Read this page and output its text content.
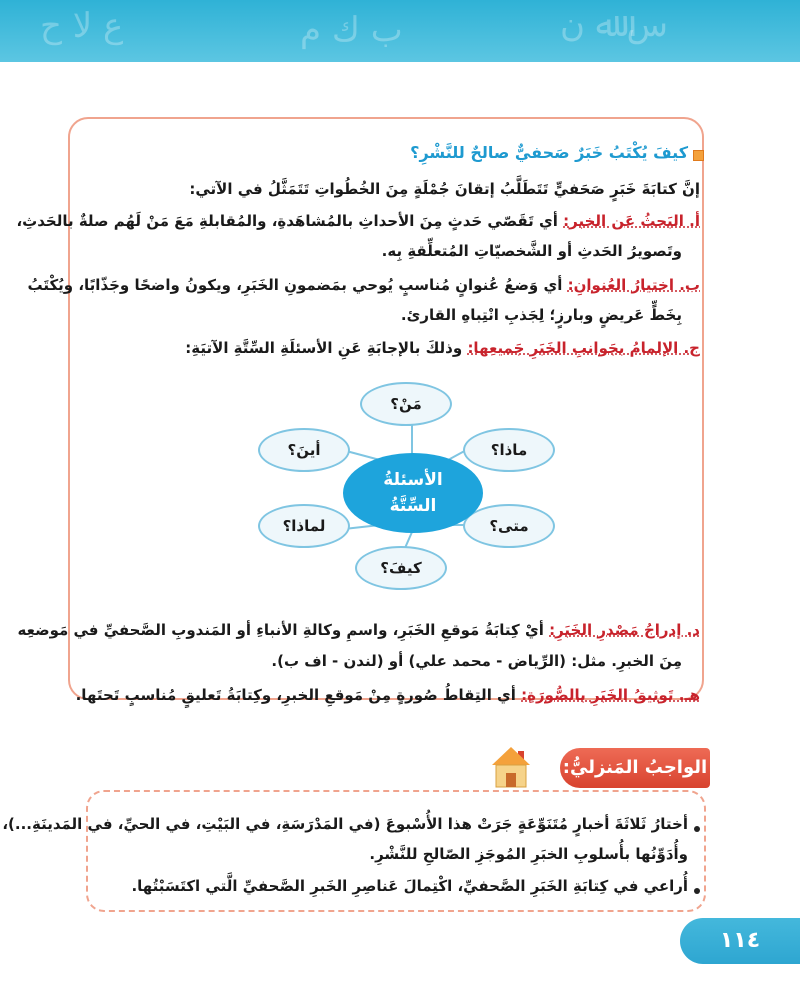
ع ﻻ ح	ب ك م	س ﷲ ن
كيفَ يُكْتَبُ خَبَرٌ صَحفيٌّ صالحٌ للنَّشْرِ؟
إنَّ كتابَةَ خَبَرٍ صَحَفيٍّ تَتَطَلَّبُ إتقانَ جُمْلَةٍ مِنَ الخُطُواتِ تَتَمَثَّلُ في الآتي:
أ. البَحثُ عَن الخبر: أي تَقَصّي حَدثٍ مِنَ الأحداثِ بالمُشاهَدةِ، والمُقابلةِ مَعَ مَنْ لَهُم صلةٌ بالحَدثِ،
وتَصويرُ الحَدثِ أو الشَّخصيّاتِ المُتعلِّقةِ بِه.
ب. اختيارُ العُنوانِ: أي وَضعُ عُنوانٍ مُناسبٍ يُوحي بمَضمونِ الخَبَرِ، ويكونُ واضحًا وجَذّابًا، ويُكْتَبُ
بِخَطٍّ عَريضٍ وبارزٍ؛ لِجَذبِ انْتِباهِ القارئ.
ج. الإلمامُ بجَوانبِ الخَبَرِ جَميعِها: وذلكَ بالإجابَةِ عَنِ الأسئلَةِ السِّتَّةِ الآتيَةِ:
مَنْ؟
أينَ؟	ماذا؟
لماذا؟	متى؟
كيفَ؟
الأسئلةُ
السِّتَّةُ
د. إدراجُ مَصْدرِ الخَبَرِ: أيْ كِتابَةُ مَوقعِ الخَبَرِ، واسمِ وكالةِ الأنباءِ أو المَندوبِ الصَّحفيِّ في مَوضعِه
مِنَ الخبرِ. مثل: (الرِّياض - محمد علي) أو (لندن - اف ب).
هـ. تَوثيقُ الخَبَرِ بالصُّورَةِ: أي التِقاطُ صُورةٍ مِنْ مَوقعِ الخبرِ، وكِتابَةُ تَعليقٍ مُناسبٍ تَحتَها.
الواجبُ المَنزليُّ:
أختارُ ثَلاثَةَ أخبارٍ مُتَنَوِّعَةٍ جَرَتْ هذا الأُسْبوعَ (في المَدْرَسَةِ، في البَيْتِ، في الحيِّ، في المَدينَةِ...)،
وأُدَوِّنُها بأُسلوبِ الخبَرِ المُوجَزِ الصّالحِ للنَّشْرِ.
أُراعي في كِتابَةِ الخَبَرِ الصَّحفيِّ، اكْتِمالَ عَناصِرِ الخَبرِ الصَّحفيِّ الَّتي اكتَسَبْتُها.
١١٤
